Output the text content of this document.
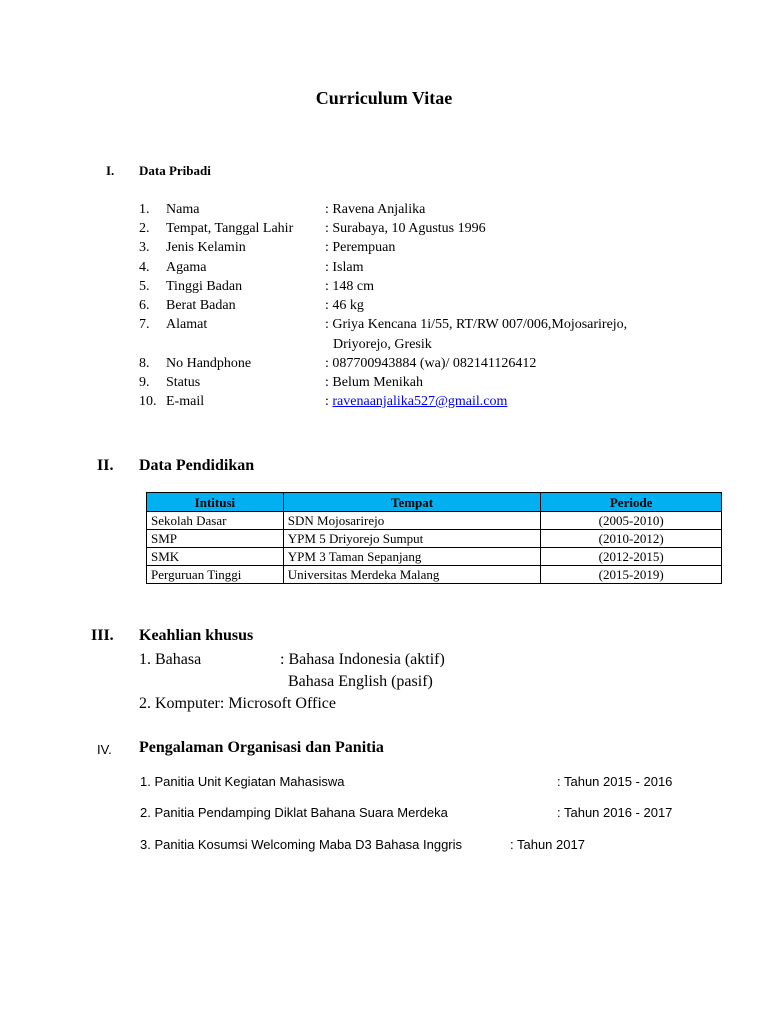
Curriculum Vitae
I. Data Pribadi
1. Nama	: Ravena Anjalika
2. Tempat, Tanggal Lahir : Surabaya, 10 Agustus 1996
3. Jenis Kelamin	: Perempuan
4. Agama	: Islam
5. Tinggi Badan	: 148 cm
6. Berat Badan	: 46 kg
7. Alamat	: Griya Kencana 1i/55, RT/RW 007/006,Mojosarirejo,
Driyorejo, Gresik
8. No Handphone	: 087700943884 (wa)/ 082141126412
9. Status	: Belum Menikah
10. E-mail	: ravenaanjalika527@gmail.com
II. Data Pendidikan
Intitusi	Tempat	Periode
Sekolah Dasar	SDN Mojosarirejo	(2005-2010)
SMP	YPM 5 Driyorejo Sumput	(2010-2012)
SMK	YPM 3 Taman Sepanjang	(2012-2015)
Perguruan Tinggi	Universitas Merdeka Malang	(2015-2019)
III. Keahlian khusus
1. Bahasa	: Bahasa Indonesia (aktif)
Bahasa English (pasif)
2. Komputer: Microsoft Office
IV. Pengalaman Organisasi dan Panitia
1. Panitia Unit Kegiatan Mahasiswa	: Tahun 2015 - 2016
2. Panitia Pendamping Diklat Bahana Suara Merdeka	: Tahun 2016 - 2017
3. Panitia Kosumsi Welcoming Maba D3 Bahasa Inggris	: Tahun 2017
